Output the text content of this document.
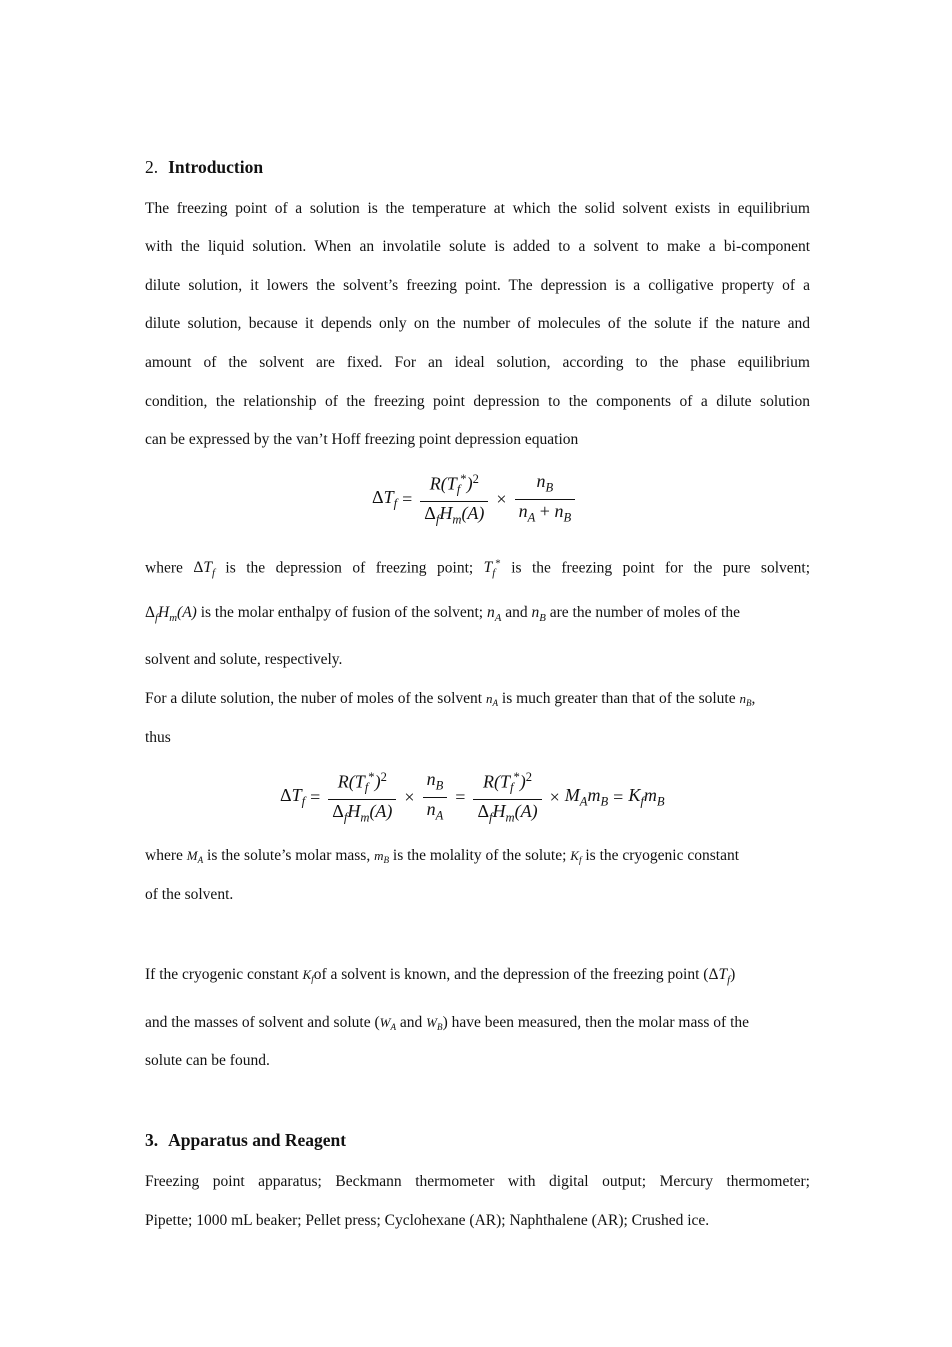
2. Introduction
The freezing point of a solution is the temperature at which the solid solvent exists in equilibrium
with the liquid solution. When an involatile solute is added to a solvent to make a bi-component
dilute solution, it lowers the solvent’s freezing point. The depression is a colligative property of a
dilute solution, because it depends only on the number of molecules of the solute if the nature and
amount of the solvent are fixed. For an ideal solution, according to the phase equilibrium
condition, the relationship of the freezing point depression to the components of a dilute solution
can be expressed by the van’t Hoff freezing point depression equation
$\Delta T_f = \frac{R(T_f^*)^2}{\Delta_fH_m(A)} \times \frac{n_B}{n_A + n_B}$
where $\Delta T_f$ is the depression of freezing point; $T_f^*$ is the freezing point for the pure solvent;
$\Delta_fH_m(A)$ is the molar enthalpy of fusion of the solvent; $n_A$ and $n_B$ are the number of moles of the
solvent and solute, respectively.
For a dilute solution, the nuber of moles of the solvent $n_A$ is much greater than that of the solute $n_B$,
thus
$\Delta T_f = \frac{R(T_f^*)^2}{\Delta_fH_m(A)} \times \frac{n_B}{n_A} = \frac{R(T_f^*)^2}{\Delta_fH_m(A)} \times M_Am_B = K_fm_B$
where $M_A$ is the solute’s molar mass, $m_B$ is the molality of the solute; $K_f$ is the cryogenic constant
of the solvent.
If the cryogenic constant $K_fof$ a solvent is known, and the depression of the freezing point $(\Delta T_f)$
and the masses of solvent and solute ($W_A$ and $W_B$) have been measured, then the molar mass of the
solute can be found.
3. Apparatus and Reagent
Freezing point apparatus; Beckmann thermometer with digital output; Mercury thermometer;
Pipette; 1000 mL beaker; Pellet press; Cyclohexane (AR); Naphthalene (AR); Crushed ice.
